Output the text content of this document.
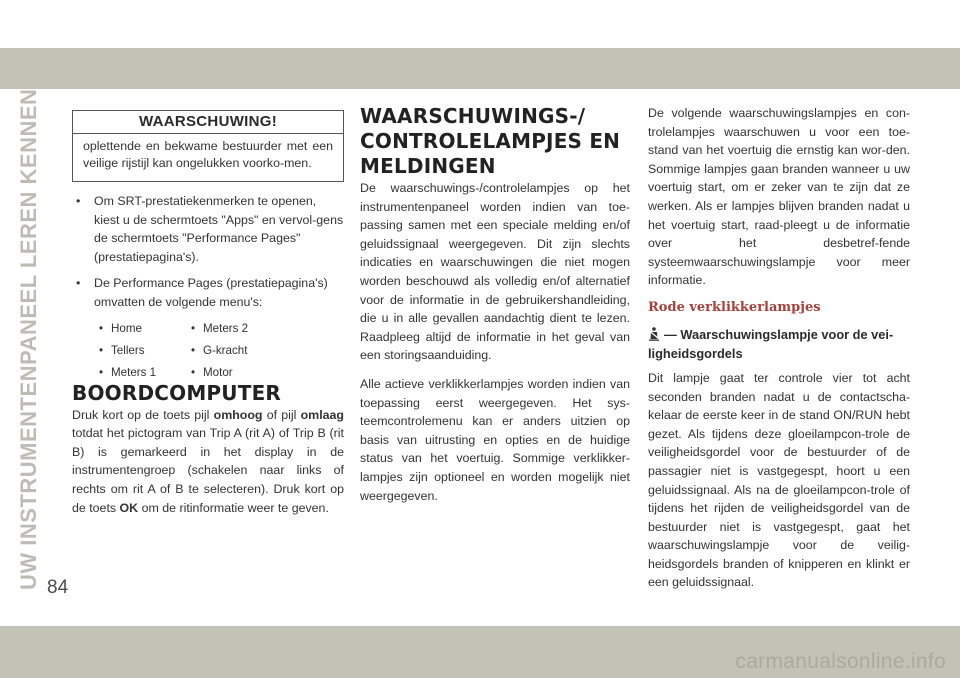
UW INSTRUMENTENPANEEL LEREN KENNEN 84
carmanualsonline.info
WAARSCHUWING!
oplettende en bekwame bestuurder met een veilige rijstijl kan ongelukken voorko-men.
• Om SRT-prestatiekenmerken te openen, kiest u de schermtoets "Apps" en vervol-gens de schermtoets "Performance Pages" (prestatiepagina's).
• De Performance Pages (prestatiepagina's) omvatten de volgende menu's:
• Home	• Meters 2
• Tellers	• G-kracht
• Meters 1	• Motor
BOORDCOMPUTER

Druk kort op de toets pijl omhoog of pijl omlaag totdat het pictogram van Trip A (rit A) of Trip B (rit B) is gemarkeerd in het display in de instrumentengroep (schakelen naar links of rechts om rit A of B te selecteren). Druk kort op de toets OK om de ritinformatie weer te geven.

WAARSCHUWINGS-/ CONTROLELAMPJES EN MELDINGEN

De waarschuwings-/controlelampjes op het instrumentenpaneel worden indien van toe-passing samen met een speciale melding en/of geluidssignaal weergegeven. Dit zijn slechts indicaties en waarschuwingen die niet mogen worden beschouwd als volledig en/of alternatief voor de informatie in de gebruikershandleiding, die u in alle gevallen aandachtig dient te lezen. Raadpleeg altijd de informatie in het geval van een storingsaanduiding.

Alle actieve verklikkerlampjes worden indien van toepassing eerst weergegeven. Het sys-teemcontrolemenu kan er anders uitzien op basis van uitrusting en opties en de huidige status van het voertuig. Sommige verklikker-lampjes zijn optioneel en worden mogelijk niet weergegeven.

De volgende waarschuwingslampjes en con-trolelampjes waarschuwen u voor een toe-stand van het voertuig die ernstig kan wor-den. Sommige lampjes gaan branden wanneer u uw voertuig start, om er zeker van te zijn dat ze werken. Als er lampjes blijven branden nadat u het voertuig start, raad-pleegt u de informatie over het desbetref-fende systeemwaarschuwingslampje voor meer informatie.

Rode verklikkerlampjes
— Waarschuwingslampje voor de vei-ligheidsgordels

Dit lampje gaat ter controle vier tot acht seconden branden nadat u de contactscha-kelaar de eerste keer in de stand ON/RUN hebt gezet. Als tijdens deze gloeilampcon-trole de veiligheidsgordel voor de bestuurder of de passagier niet is vastgegespt, hoort u een geluidssignaal. Als na de gloeilampcon-trole of tijdens het rijden de veiligheidsgordel van de bestuurder niet is vastgegespt, gaat het waarschuwingslampje voor de veilig-heidsgordels branden of knipperen en klinkt er een geluidssignaal.
